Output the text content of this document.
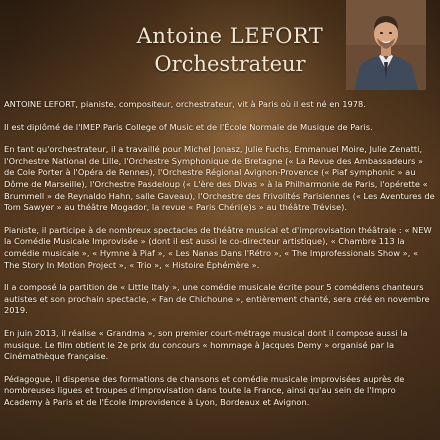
Antoine LEFORT
Orchestrateur

ANTOINE LEFORT, pianiste, compositeur, orchestrateur, vit à Paris où il est né en 1978.

Il est diplômé de l'IMEP Paris College of Music et de l'École Normale de Musique de Paris.

En tant qu'orchestrateur, il a travaillé pour Michel Jonasz, Julie Fuchs, Emmanuel Moire, Julie Zenatti, l'Orchestre National de Lille, l'Orchestre Symphonique de Bretagne (« La Revue des Ambassadeurs » de Cole Porter à l'Opéra de Rennes), l'Orchestre Régional Avignon-Provence (« Piaf symphonic » au Dôme de Marseille), l'Orchestre Pasdeloup (« L'ère des Divas » à la Philharmonie de Paris, l'opérette « Brummell » de Reynaldo Hahn, salle Gaveau), l'Orchestre des Frivolités Parisiennes (« Les Aventures de Tom Sawyer » au théâtre Mogador, la revue « Paris Chéri(e)s » au théâtre Trévise).

Pianiste, il participe à de nombreux spectacles de théâtre musical et d'improvisation théâtrale : « NEW la Comédie Musicale Improvisée » (dont il est aussi le co-directeur artistique), « Chambre 113 la comédie musicale », « Hymne à Piaf », « Les Nanas Dans l'Rétro », « The Improfessionals Show », « The Story In Motion Project », « Trio », « Histoire Éphémère ».

Il a composé la partition de « Little Italy », une comédie musicale écrite pour 5 comédiens chanteurs autistes et son prochain spectacle, « Fan de Chichoune », entièrement chanté, sera créé en novembre 2019.

En juin 2013, il réalise « Grandma », son premier court-métrage musical dont il compose aussi la musique. Le film obtient le 2e prix du concours « hommage à Jacques Demy » organisé par la Cinémathèque française.

Pédagogue, il dispense des formations de chansons et comédie musicale improvisées auprès de nombreuses ligues et troupes d'improvisation dans toute la France, ainsi qu'au sein de l'Impro Academy à Paris et de l'École Improvidence à Lyon, Bordeaux et Avignon.
